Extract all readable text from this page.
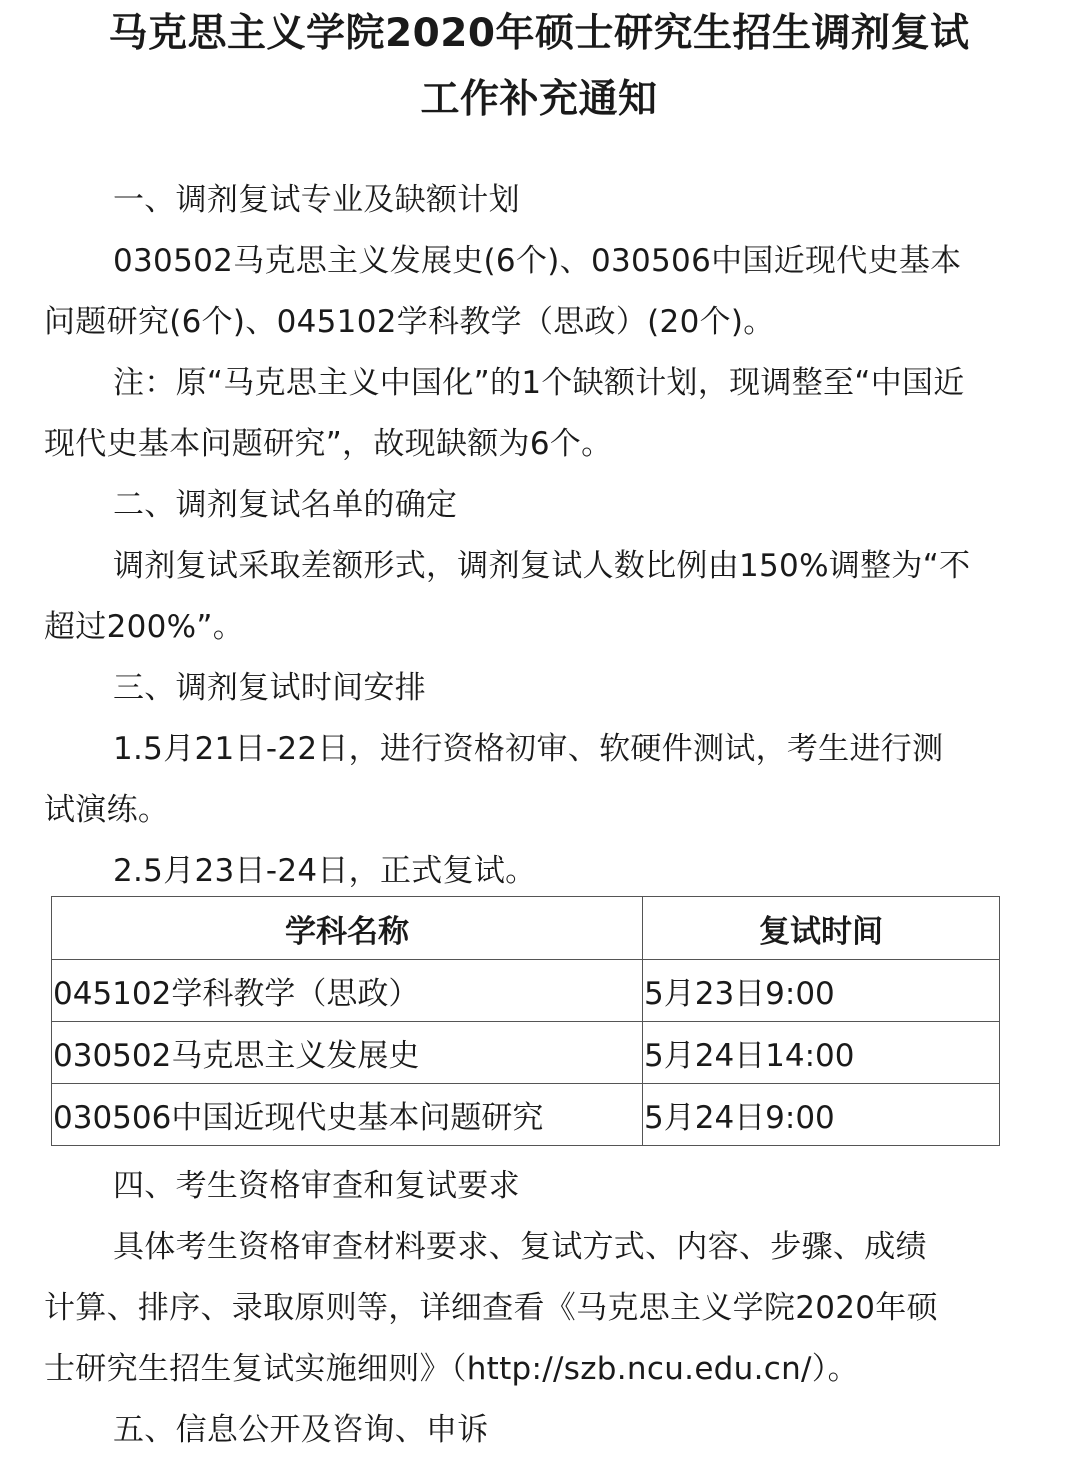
马克思主义学院2020年硕士研究生招生调剂复试
工作补充通知
一、调剂复试专业及缺额计划
030502马克思主义发展史(6个)、030506中国近现代史基本
问题研究(6个)、045102学科教学（思政）(20个)。
注：原“马克思主义中国化”的1个缺额计划，现调整至“中国近
现代史基本问题研究”，故现缺额为6个。
二、调剂复试名单的确定
调剂复试采取差额形式，调剂复试人数比例由150%调整为“不
超过200%”。
三、调剂复试时间安排
1.5月21日-22日，进行资格初审、软硬件测试，考生进行测
试演练。
2.5月23日-24日，正式复试。
学科名称	复试时间
045102学科教学（思政）	5月23日9:00
030502马克思主义发展史	5月24日14:00
030506中国近现代史基本问题研究	5月24日9:00
四、考生资格审查和复试要求
具体考生资格审查材料要求、复试方式、内容、步骤、成绩
计算、排序、录取原则等，详细查看《马克思主义学院2020年硕
士研究生招生复试实施细则》（http://szb.ncu.edu.cn/）。
五、信息公开及咨询、申诉
